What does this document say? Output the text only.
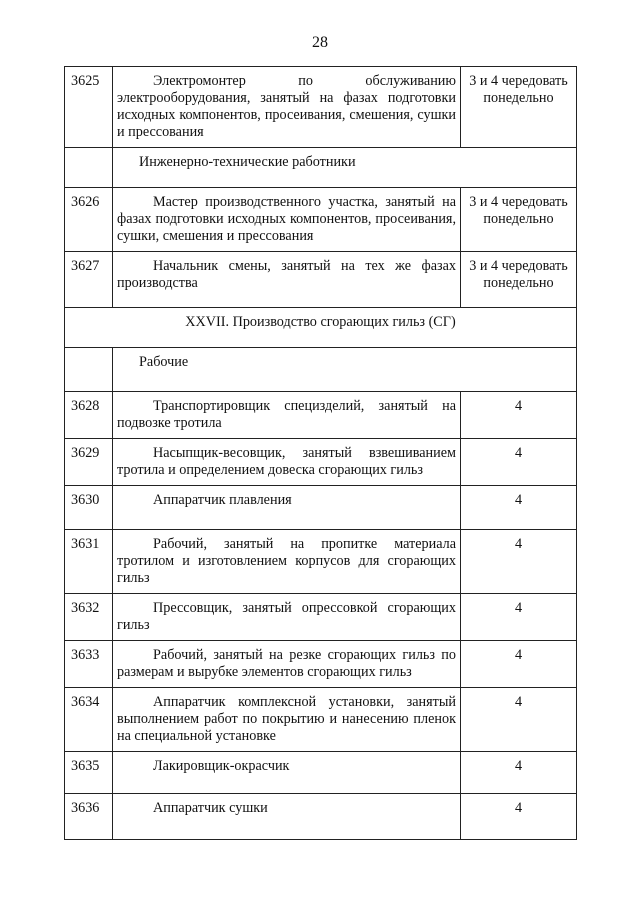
28
3625	Электромонтер по обслуживанию электрооборудования, занятый на фазах подготовки исходных компонентов, просеивания, смешения, сушки и прессования	3 и 4 чередовать понедельно
	Инженерно-технические работники	
3626	Мастер производственного участка, занятый на фазах подготовки исходных компонентов, просеивания, сушки, смешения и прессования	3 и 4 чередовать понедельно
3627	Начальник смены, занятый на тех же фазах производства	3 и 4 чередовать понедельно
XXVII. Производство сгорающих гильз (СГ)		
	Рабочие	
3628	Транспортировщик специзделий, занятый на подвозке тротила	4
3629	Насыпщик-весовщик, занятый взвешиванием тротила и определением довеска сгорающих гильз	4
3630	Аппаратчик плавления	4
3631	Рабочий, занятый на пропитке материала тротилом и изготовлением корпусов для сгорающих гильз	4
3632	Прессовщик, занятый опрессовкой сгорающих гильз	4
3633	Рабочий, занятый на резке сгорающих гильз по размерам и вырубке элементов сгорающих гильз	4
3634	Аппаратчик комплексной установки, занятый выполнением работ по покрытию и нанесению пленок на специальной установке	4
3635	Лакировщик-окрасчик	4
3636	Аппаратчик сушки	4
